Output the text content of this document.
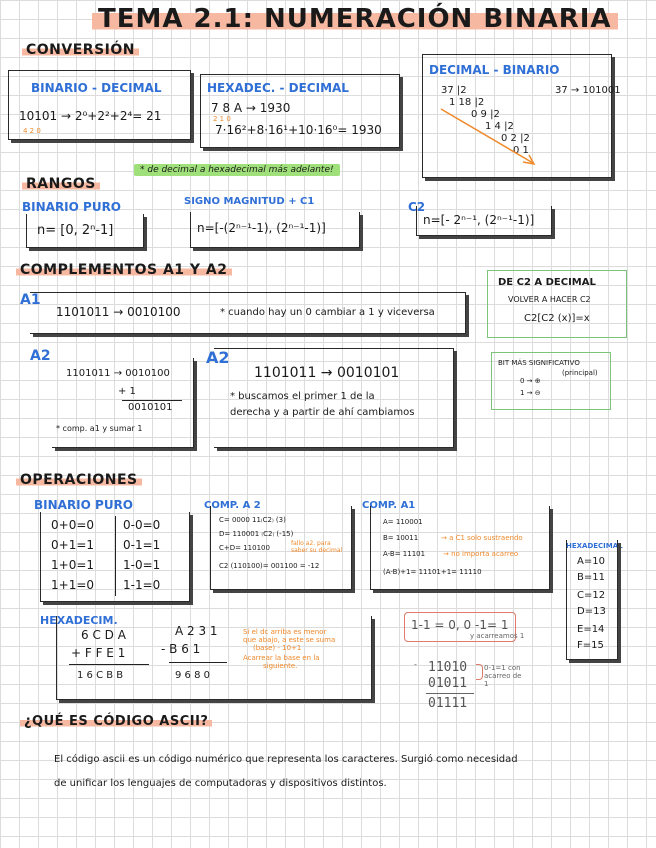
TEMA 2.1: NUMERACIÓN BINARIA
CONVERSIÓN
BINARIO - DECIMAL
10101 → 2⁰+2²+2⁴= 21
4 2 0
HEXADEC. - DECIMAL
7 8 A → 1930
2 1 0
7·16²+8·16¹+10·16⁰= 1930
DECIMAL - BINARIO
37 → 101001
37 |2
1 18 |2
0 9 |2
1 4 |2
0 2 |2
0 1
* de decimal a hexadecimal más adelante!
RANGOS
BINARIO PURO
n= [0, 2ⁿ-1]
SIGNO MAGNITUD + C1
n=[-(2ⁿ⁻¹-1), (2ⁿ⁻¹-1)]
C2
n=[- 2ⁿ⁻¹, (2ⁿ⁻¹-1)]
COMPLEMENTOS A1 Y A2
A1
1101011 → 0010100	* cuando hay un 0 cambiar a 1 y viceversa
DE C2 A DECIMAL
VOLVER A HACER C2
C2[C2 (x)]=x
A2
1101011 → 0010100
+ 1
0010101
* comp. a1 y sumar 1
A2
1101011 → 0010101
* buscamos el primer 1 de la
derecha y a partir de ahí cambiamos
BIT MÁS SIGNIFICATIVO
(principal)
0 → ⊕
1 → ⊖
OPERACIONES
BINARIO PURO
0+0=0 0-0=0
0+1=1 0-1=1
1+0=1 1-0=1
1+1=0 1-1=0
COMP. A 2
C= 0000 11₍C2₎ (3)
D= 110001 ₍C2₎ (-15)
C+D= 110100
fallo a2. para saber su decimal
C2 (110100)= 001100 = -12
COMP. A1
A= 110001
B= 10011	→ a C1 solo sustraendo
A-B= 11101	→ no importa acarreo
(A-B)+1= 11101+1= 11110
HEXADECIMAL
A=10
B=11
C=12
D=13
E=14
F=15
HEXADECIM.
6 C D A
+ F F E 1
1 6 C B B
A 2 3 1
- B 6 1
9 6 8 0
Si el dc arriba es menor
que abajo, a este se suma
(base) - 10+1
Acarrear la base en la
siguiente.
1-1 = 0, 0 -1= 1
y acarreamos 1
- 11010
01011
01111
0-1=1 con acarreo de 1
¿QUÉ ES CÓDIGO ASCII?
El código ascii es un código numérico que representa los caracteres. Surgió como necesidad
de unificar los lenguajes de computadoras y dispositivos distintos.
